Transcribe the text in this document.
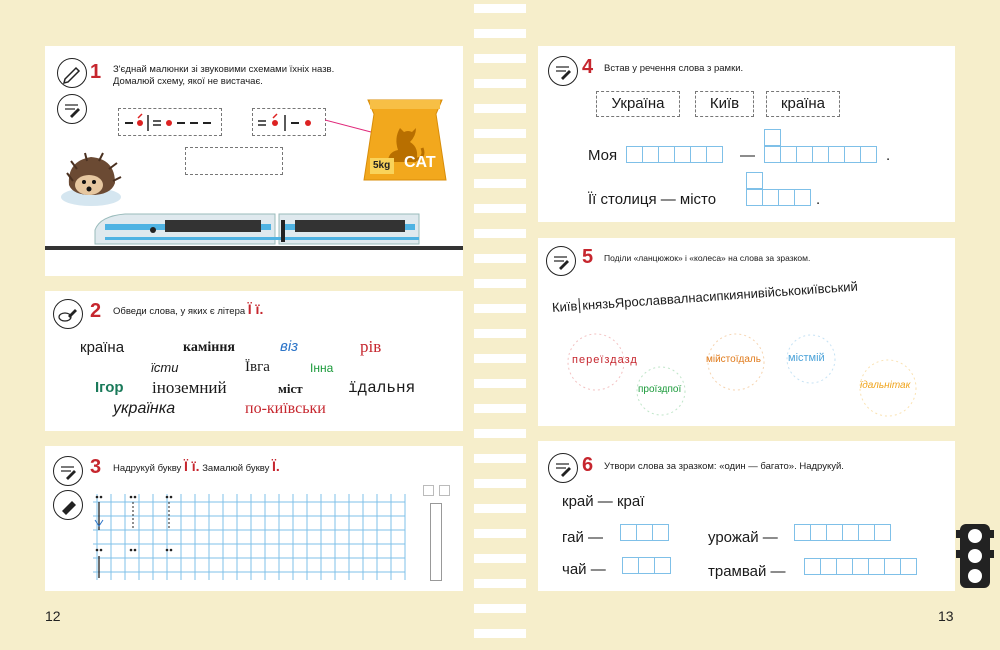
1 З'єднай малюнки зі звуковими схемами їхніх назв.
Домалюй схему, якої не вистачає.
5kg CAT
2 Обведи слова, у яких є літера Ї ї.
країна	каміння	віз	рів
їсти	Ївга	Інна
Ігор іноземний	міст	їдальня
українка	по-київськи
3 Надрукуй букву Ї ї. Замалюй букву Ї.
4 Встав у речення слова з рамки.
Україна	Київ	країна
Моя	—	.
Її столиця — місто	.
5 Поділи «ланцюжок» і «колеса» на слова за зразком.
Київ князьЯрославвалнасипкиянивійськокиївський
переїздазд
проїздпої
мійстоїдаль містмій
їдальнітак
6 Утвори слова за зразком: «один — багато». Надрукуй.
край — краї
гай —
чай —
урожай —
трамвай —
12	13
